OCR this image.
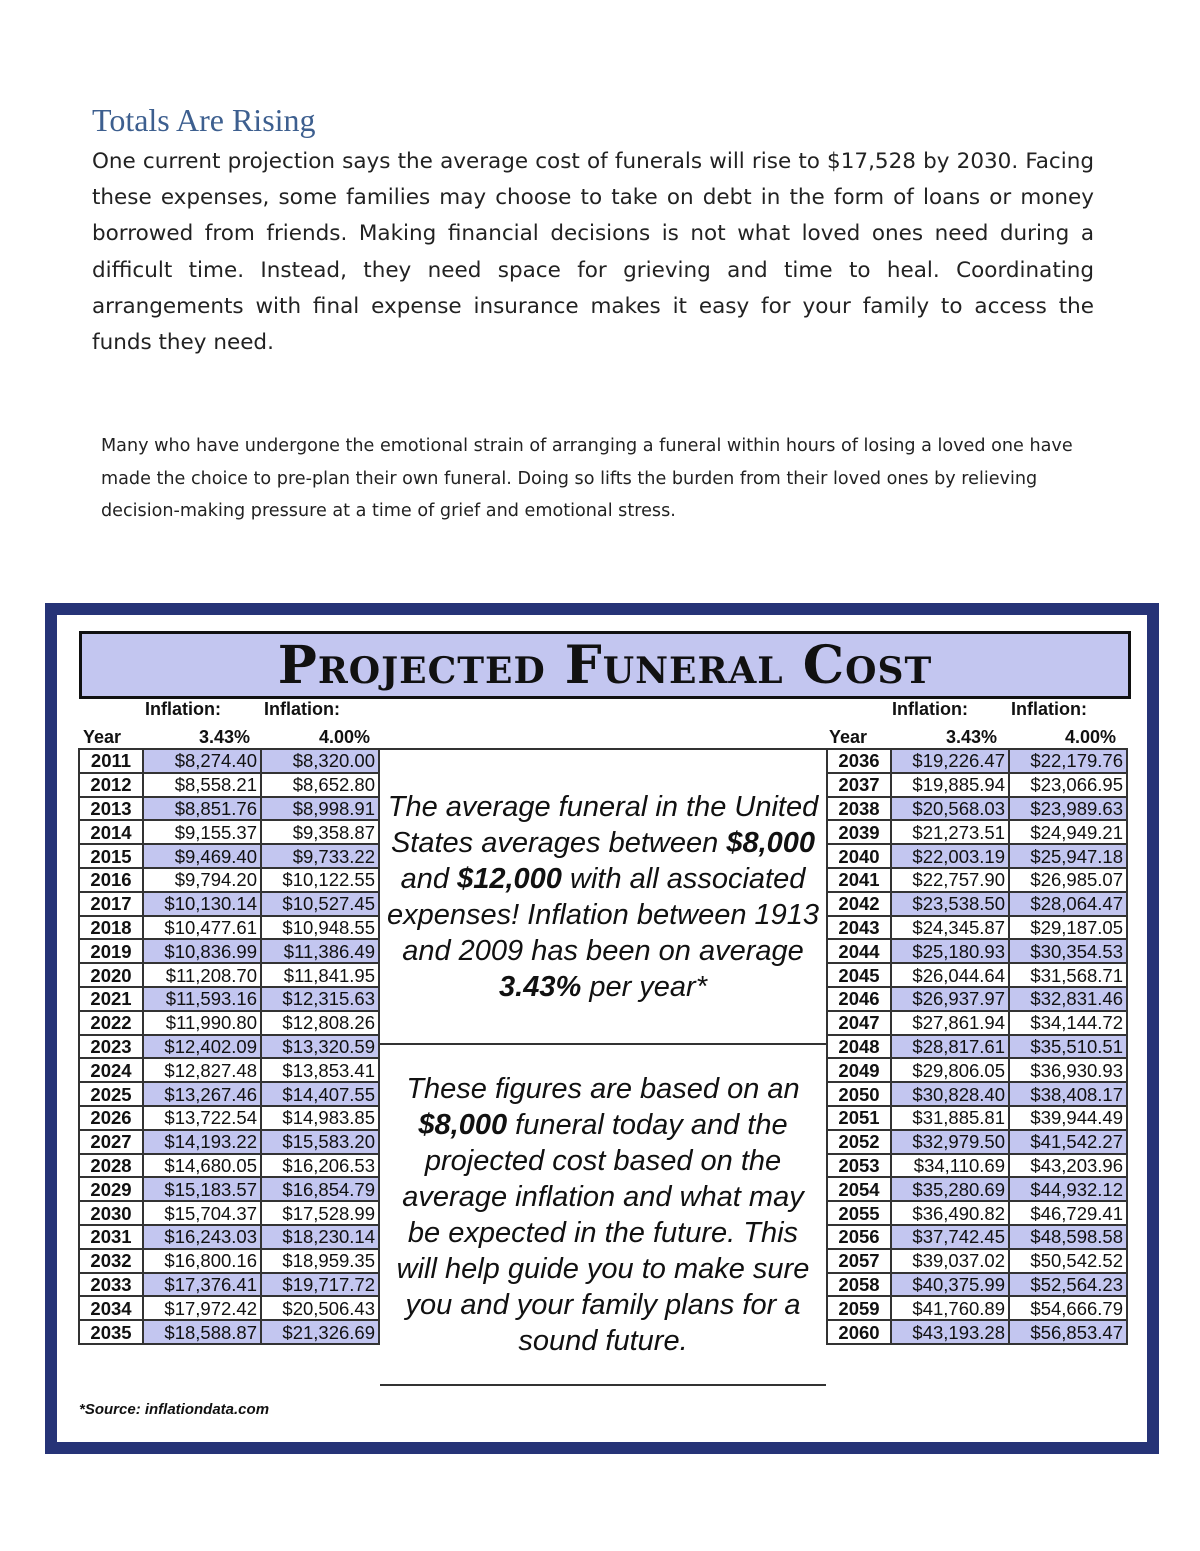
Totals Are Rising

One current projection says the average cost of funerals will rise to $17,528 by 2030. Facing these expenses, some families may choose to take on debt in the form of loans or money borrowed from friends. Making financial decisions is not what loved ones need during a difficult time. Instead, they need space for grieving and time to heal. Coordinating arrangements with final expense insurance makes it easy for your family to access the funds they need.

Many who have undergone the emotional strain of arranging a funeral within hours of losing a loved one have made the choice to pre-plan their own funeral. Doing so lifts the burden from their loved ones by relieving decision-making pressure at a time of grief and emotional stress.

Projected Funeral Cost
Inflation: Inflation:
Year	3.43%	4.00%
Inflation: Inflation:
Year	3.43%	4.00%
2011	$8,274.40	$8,320.00
2012	$8,558.21	$8,652.80
2013	$8,851.76	$8,998.91
2014	$9,155.37	$9,358.87
2015	$9,469.40	$9,733.22
2016	$9,794.20	$10,122.55
2017	$10,130.14	$10,527.45
2018	$10,477.61	$10,948.55
2019	$10,836.99	$11,386.49
2020	$11,208.70	$11,841.95
2021	$11,593.16	$12,315.63
2022	$11,990.80	$12,808.26
2023	$12,402.09	$13,320.59
2024	$12,827.48	$13,853.41
2025	$13,267.46	$14,407.55
2026	$13,722.54	$14,983.85
2027	$14,193.22	$15,583.20
2028	$14,680.05	$16,206.53
2029	$15,183.57	$16,854.79
2030	$15,704.37	$17,528.99
2031	$16,243.03	$18,230.14
2032	$16,800.16	$18,959.35
2033	$17,376.41	$19,717.72
2034	$17,972.42	$20,506.43
2035	$18,588.87	$21,326.69
2036	$19,226.47	$22,179.76
2037	$19,885.94	$23,066.95
2038	$20,568.03	$23,989.63
2039	$21,273.51	$24,949.21
2040	$22,003.19	$25,947.18
2041	$22,757.90	$26,985.07
2042	$23,538.50	$28,064.47
2043	$24,345.87	$29,187.05
2044	$25,180.93	$30,354.53
2045	$26,044.64	$31,568.71
2046	$26,937.97	$32,831.46
2047	$27,861.94	$34,144.72
2048	$28,817.61	$35,510.51
2049	$29,806.05	$36,930.93
2050	$30,828.40	$38,408.17
2051	$31,885.81	$39,944.49
2052	$32,979.50	$41,542.27
2053	$34,110.69	$43,203.96
2054	$35,280.69	$44,932.12
2055	$36,490.82	$46,729.41
2056	$37,742.45	$48,598.58
2057	$39,037.02	$50,542.52
2058	$40,375.99	$52,564.23
2059	$41,760.89	$54,666.79
2060	$43,193.28	$56,853.47

The average funeral in the United States averages between $8,000 and $12,000 with all associated expenses! Inflation between 1913 and 2009 has been on average 3.43% per year*

These figures are based on an $8,000 funeral today and the projected cost based on the average inflation and what may be expected in the future. This will help guide you to make sure you and your family plans for a sound future.

*Source: inflationdata.com
